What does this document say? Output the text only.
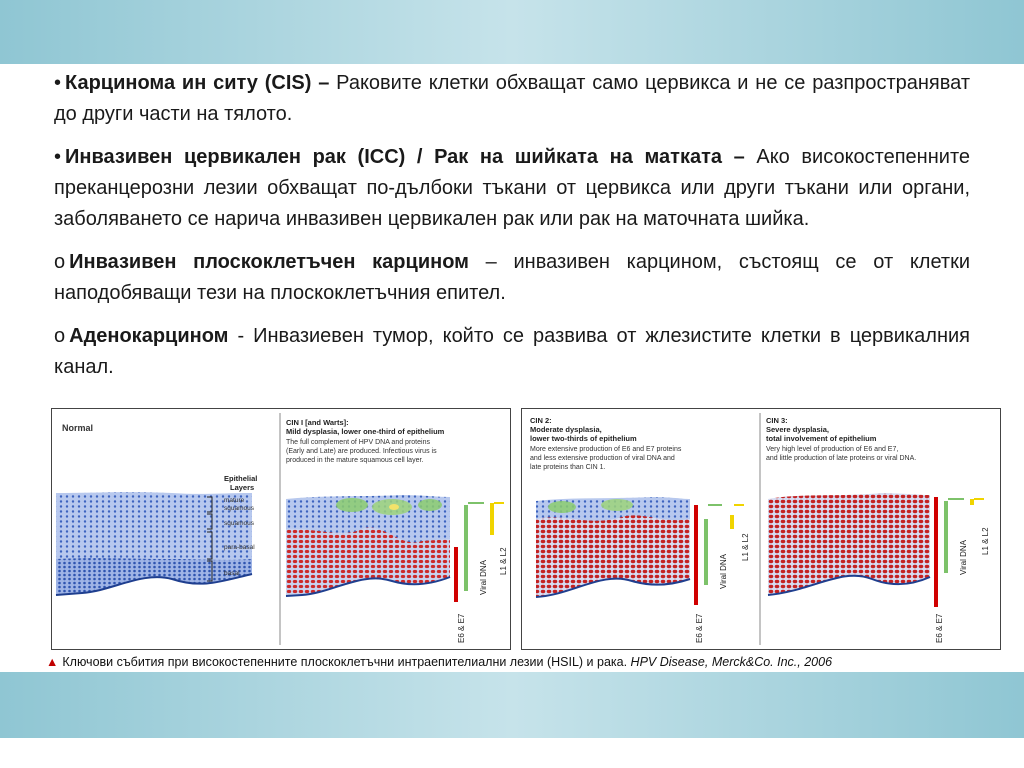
• Карцинома ин ситу (CIS) – Раковите клетки обхващат само цервикса и не се разпространяват до други части на тялото.

• Инвазивен цервикален рак (ICC) / Рак на шийката на матката – Ако високостепенните преканцерозни лезии обхващат по-дълбоки тъкани от цервикса или други тъкани или органи, заболяването се нарича инвазивен цервикален рак или рак на маточната шийка.

o Инвазивен плоскоклетъчен карцином – инвазивен карцином, състоящ се от клетки наподобяващи тези на плоскоклетъчния епител.

o Аденокарцином - Инвазиевен тумор, който се развива от жлезистите клетки в цервикалния канал.

Normal
Epithelial
Layers
mature
squamous
squamous
para-basal
basal
CIN I [and Warts]:
Mild dysplasia, lower one-third of epithelium
The full complement of HPV DNA and proteins
(Early and Late) are produced. Infectious virus is
produced in the mature squamous cell layer.
E6 & E7
Viral DNA L1 & L2
CIN 2:
Moderate dysplasia,
lower two-thirds of epithelium
More extensive production of E6 and E7 proteins
and less extensive production of viral DNA and
late proteins than CIN 1.
E6 & E7
Viral DNA
L1 & L2
CIN 3:
Severe dysplasia,
total involvement of epithelium
Very high level of production of E6 and E7,
and little production of late proteins or viral DNA.
E6 & E7
Viral DNA L1 & L2
▲ Ключови събития при високостепенните плоскоклетъчни интраепителиални лезии (HSIL) и рака. HPV Disease, Merck&Co. Inc., 2006
